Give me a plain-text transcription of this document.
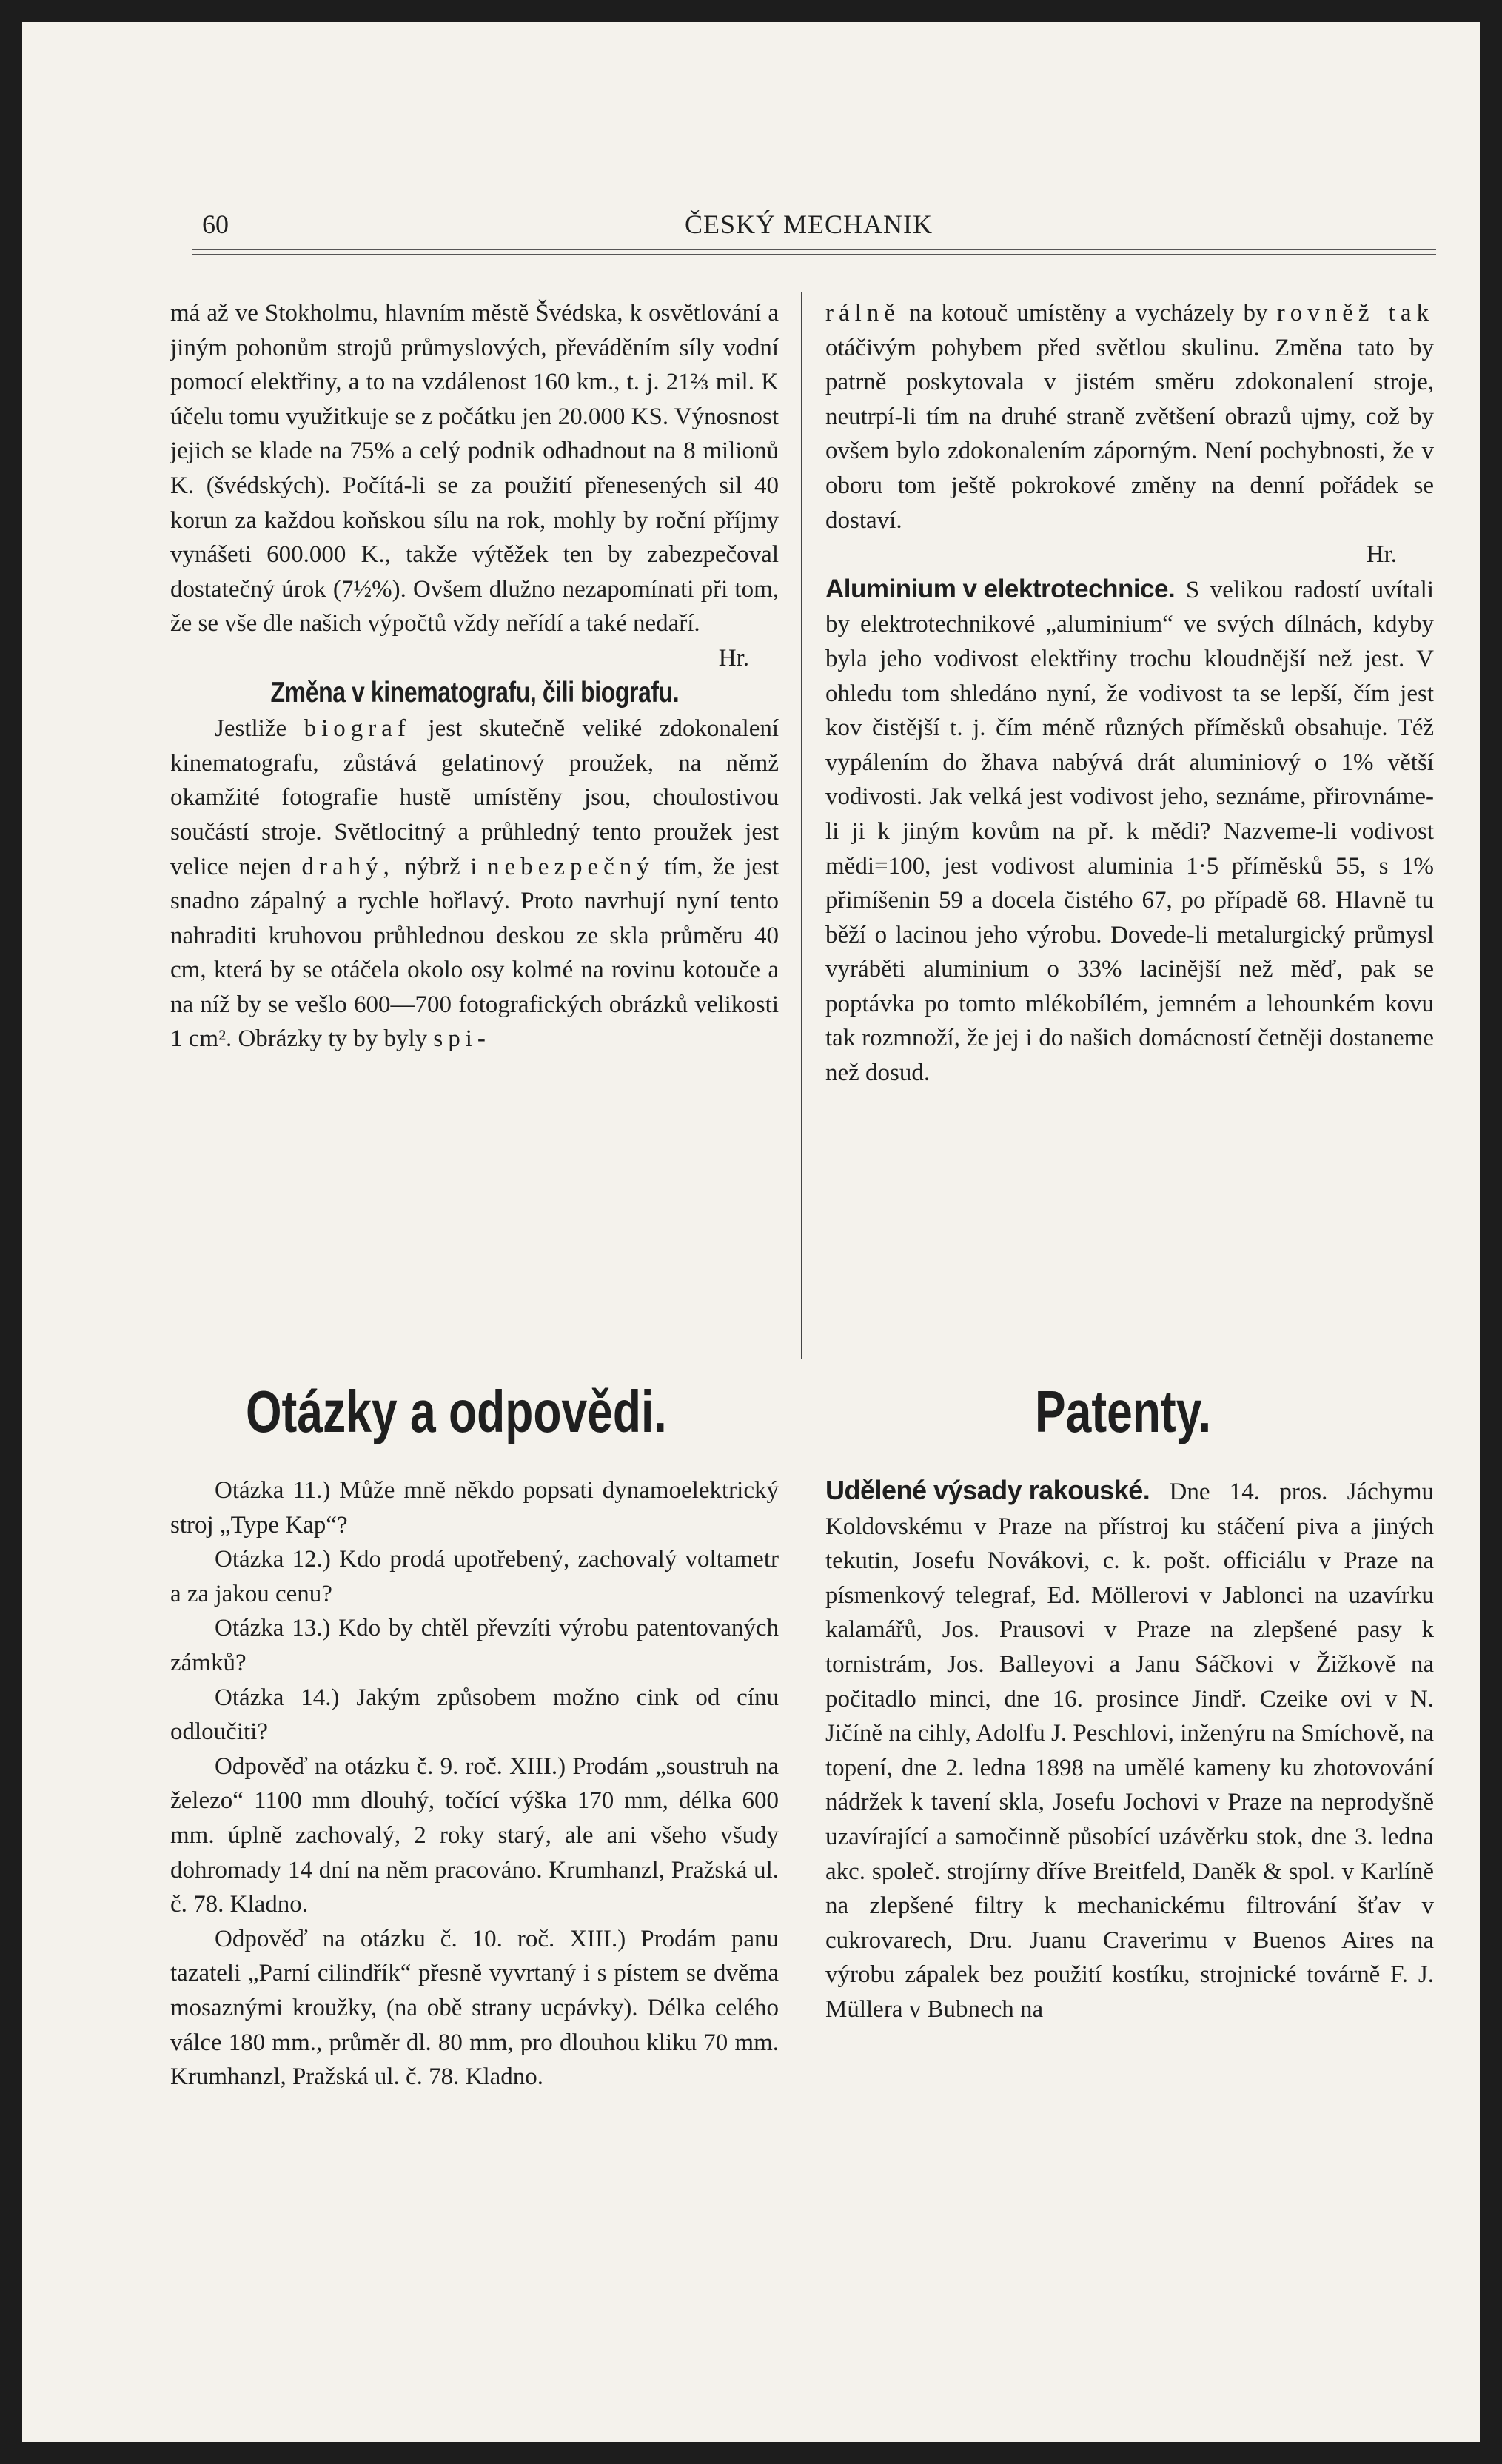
60	ČESKÝ MECHANIK

má až ve Stokholmu, hlavním městě Švédska, k osvětlování a jiným pohonům strojů průmyslových, převáděním síly vodní pomocí elektřiny, a to na vzdálenost 160 km., t. j. 21⅔ mil. K účelu tomu využitkuje se z počátku jen 20.000 KS. Výnosnost jejich se klade na 75% a celý podnik odhadnout na 8 milionů K. (švédských). Počítá-li se za použití přenesených sil 40 korun za každou koňskou sílu na rok, mohly by roční příjmy vynášeti 600.000 K., takže výtěžek ten by zabezpečoval dostatečný úrok (7½%). Ovšem dlužno nezapomínati při tom, že se vše dle našich výpočtů vždy neřídí a také nedaří.

Hr.
Změna v kinematografu, čili biografu.

Jestliže biograf jest skutečně veliké zdokonalení kinematografu, zůstává gelatinový proužek, na němž okamžité fotografie hustě umístěny jsou, choulostivou součástí stroje. Světlocitný a průhledný tento proužek jest velice nejen drahý, nýbrž i nebezpečný tím, že jest snadno zápalný a rychle hořlavý. Proto navrhují nyní tento nahraditi kruhovou průhlednou deskou ze skla průměru 40 cm, která by se otáčela okolo osy kolmé na rovinu kotouče a na níž by se vešlo 600—700 fotografických obrázků velikosti 1 cm². Obrázky ty by byly spi-

rálně na kotouč umístěny a vycházely by rovněž tak otáčivým pohybem před světlou skulinu. Změna tato by patrně poskytovala v jistém směru zdokonalení stroje, neutrpí-li tím na druhé straně zvětšení obrazů ujmy, což by ovšem bylo zdokonalením záporným. Není pochybnosti, že v oboru tom ještě pokrokové změny na denní pořádek se dostaví.

Hr.

Aluminium v elektrotechnice. S velikou radostí uvítali by elektrotechnikové „aluminium“ ve svých dílnách, kdyby byla jeho vodivost elektřiny trochu kloudnější než jest. V ohledu tom shledáno nyní, že vodivost ta se lepší, čím jest kov čistější t. j. čím méně různých příměsků obsahuje. Též vypálením do žhava nabývá drát aluminiový o 1% větší vodivosti. Jak velká jest vodivost jeho, seznáme, přirovnáme-li ji k jiným kovům na př. k mědi? Nazveme-li vodivost mědi=100, jest vodivost aluminia 1·5 příměsků 55, s 1% přimíšenin 59 a docela čistého 67, po případě 68. Hlavně tu běží o lacinou jeho výrobu. Dovede-li metalurgický průmysl vyráběti aluminium o 33% lacinější než měď, pak se poptávka po tomto mlékobílém, jemném a lehounkém kovu tak rozmnoží, že jej i do našich domácností četněji dostaneme než dosud.

Otázky a odpovědi.	Patenty.

Otázka 11.) Může mně někdo popsati dynamoelektrický stroj „Type Kap“?

Otázka 12.) Kdo prodá upotřebený, zachovalý voltametr a za jakou cenu?

Otázka 13.) Kdo by chtěl převzíti výrobu patentovaných zámků?

Otázka 14.) Jakým způsobem možno cink od cínu odloučiti?

Odpověď na otázku č. 9. roč. XIII.) Prodám „soustruh na železo“ 1100 mm dlouhý, točící výška 170 mm, délka 600 mm. úplně zachovalý, 2 roky starý, ale ani všeho všudy dohromady 14 dní na něm pracováno. Krumhanzl, Pražská ul. č. 78. Kladno.

Odpověď na otázku č. 10. roč. XIII.) Prodám panu tazateli „Parní cilindřík“ přesně vyvrtaný i s pístem se dvěma mosaznými kroužky, (na obě strany ucpávky). Délka celého válce 180 mm., průměr dl. 80 mm, pro dlouhou kliku 70 mm. Krumhanzl, Pražská ul. č. 78. Kladno.

Udělené výsady rakouské. Dne 14. pros. Jáchymu Koldovskému v Praze na přístroj ku stáčení piva a jiných tekutin, Josefu Novákovi, c. k. pošt. officiálu v Praze na písmenkový telegraf, Ed. Möllerovi v Jablonci na uzavírku kalamářů, Jos. Prausovi v Praze na zlepšené pasy k tornistrám, Jos. Balleyovi a Janu Sáčkovi v Žižkově na počitadlo minci, dne 16. prosince Jindř. Czeike ovi v N. Jičíně na cihly, Adolfu J. Peschlovi, inženýru na Smíchově, na topení, dne 2. ledna 1898 na umělé kameny ku zhotovování nádržek k tavení skla, Josefu Jochovi v Praze na neprodyšně uzavírající a samočinně působící uzávěrku stok, dne 3. ledna akc. společ. strojírny dříve Breitfeld, Daněk & spol. v Karlíně na zlepšené filtry k mechanickému filtrování šťav v cukrovarech, Dru. Juanu Craverimu v Buenos Aires na výrobu zápalek bez použití kostíku, strojnické továrně F. J. Müllera v Bubnech na
